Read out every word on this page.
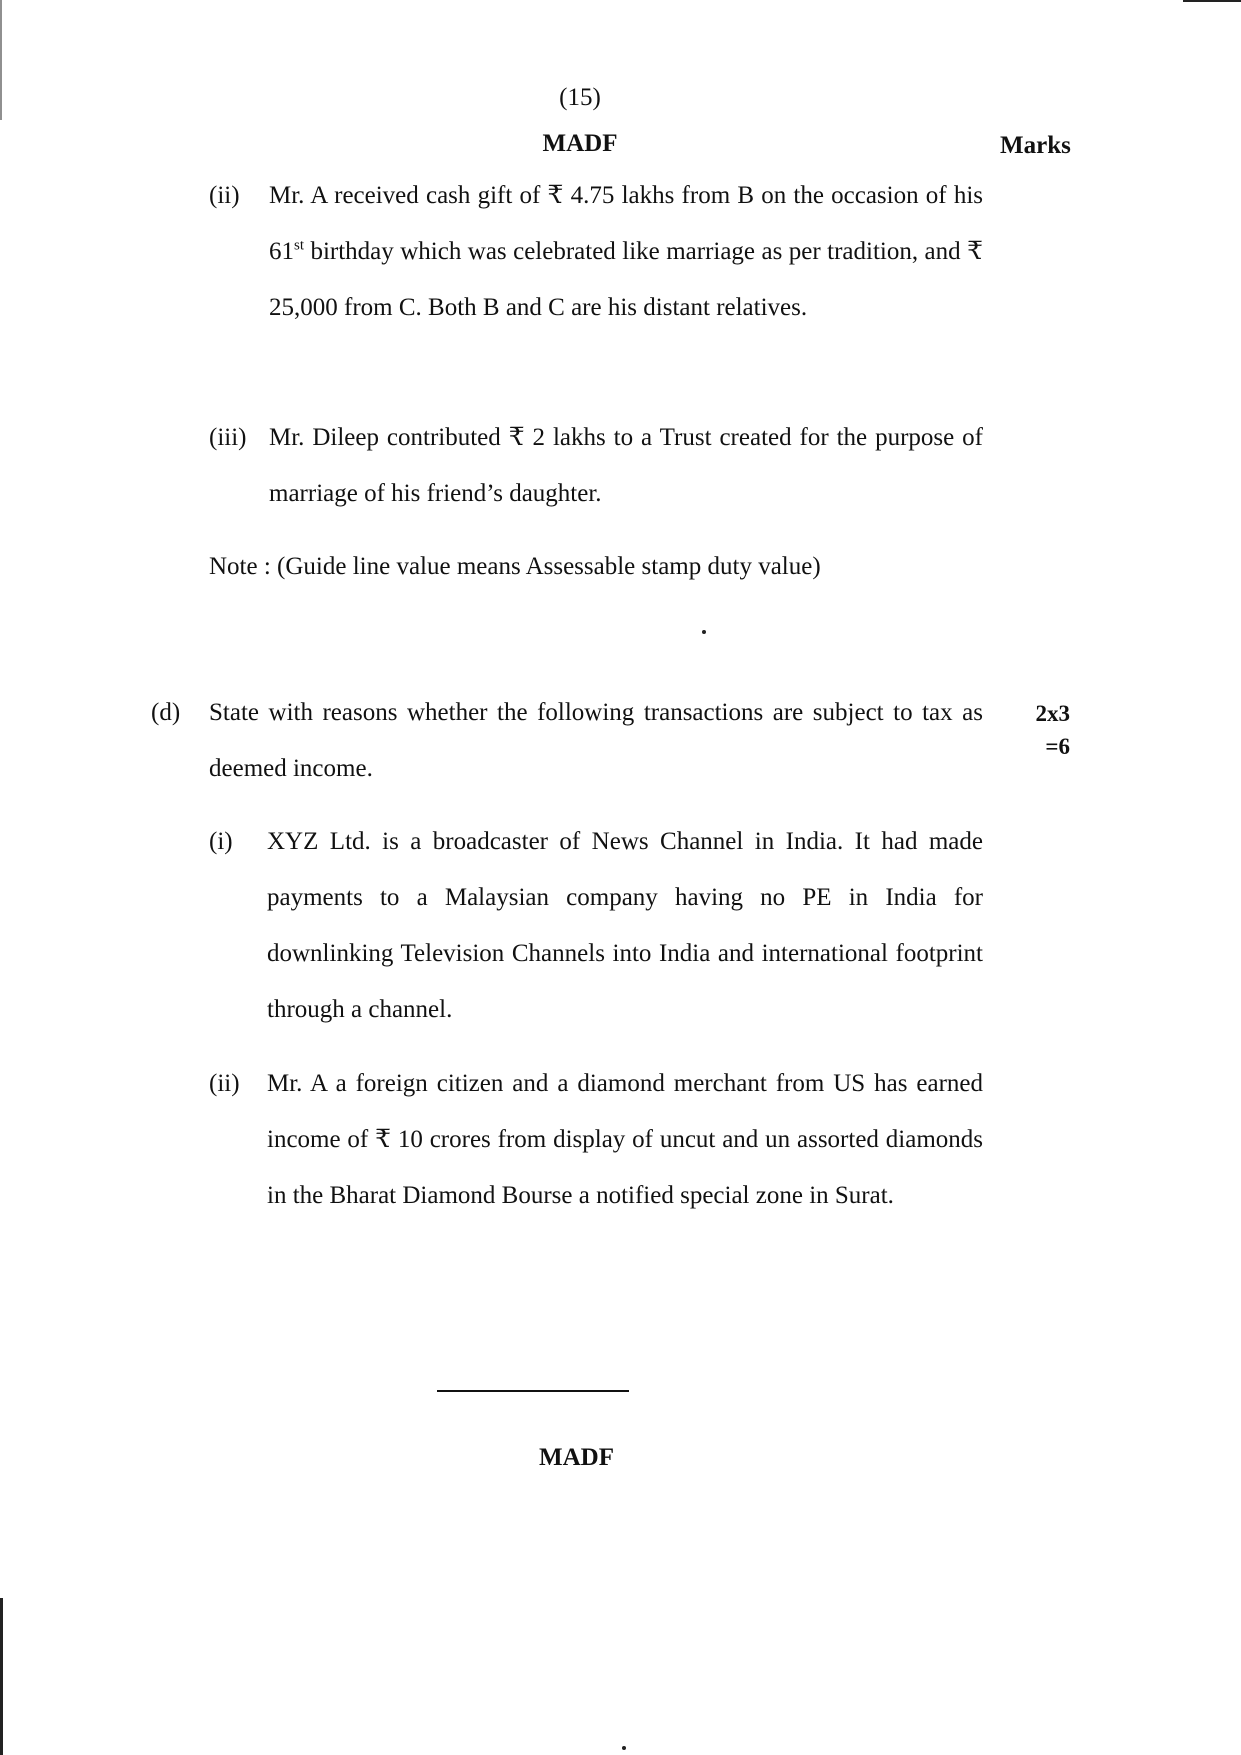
(15)
MADF	Marks
(ii) Mr. A received cash gift of ₹ 4.75 lakhs from B on the occasion of his 61st birthday which was celebrated like marriage as per tradition, and ₹ 25,000 from C. Both B and C are his distant relatives.
(iii) Mr. Dileep contributed ₹ 2 lakhs to a Trust created for the purpose of marriage of his friend’s daughter.
Note : (Guide line value means Assessable stamp duty value)
(d) State with reasons whether the following transactions are subject to tax as deemed income.
2x3
=6
(i) XYZ Ltd. is a broadcaster of News Channel in India. It had made payments to a Malaysian company having no PE in India for downlinking Television Channels into India and international footprint through a channel.
(ii) Mr. A a foreign citizen and a diamond merchant from US has earned income of ₹ 10 crores from display of uncut and un assorted diamonds in the Bharat Diamond Bourse a notified special zone in Surat.
MADF
